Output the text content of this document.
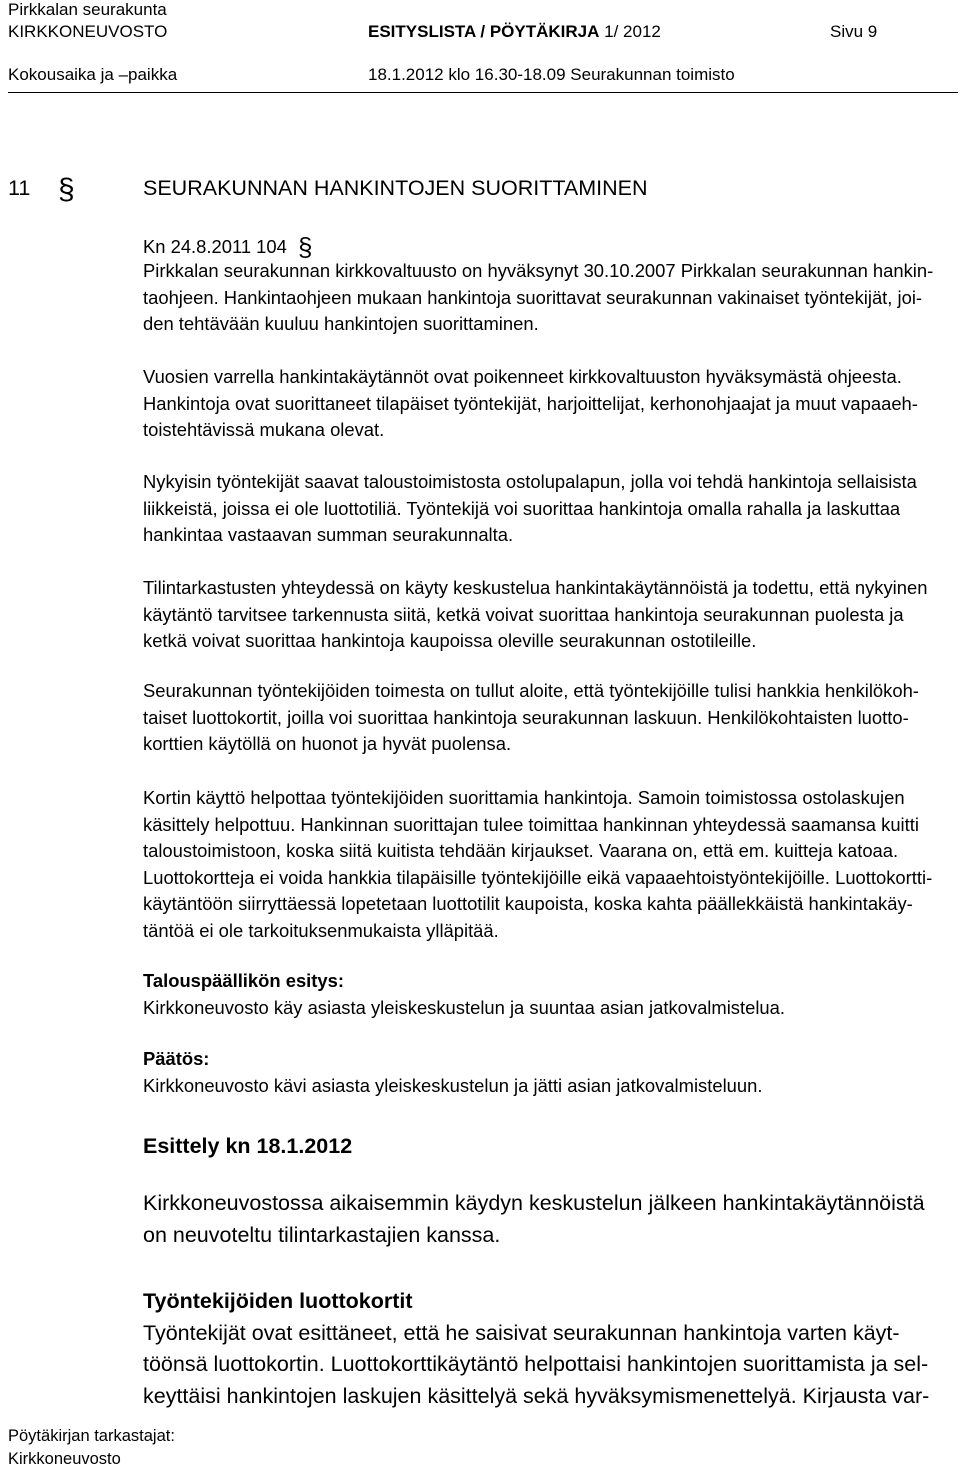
Pirkkalan seurakunta
KIRKKONEUVOSTO	ESITYSLISTA / PÖYTÄKIRJA 1/ 2012	Sivu 9
Kokousaika ja –paikka	18.1.2012 klo 16.30-18.09 Seurakunnan toimisto
11 §	SEURAKUNNAN HANKINTOJEN SUORITTAMINEN
Kn 24.8.2011 104 §

Pirkkalan seurakunnan kirkkovaltuusto on hyväksynyt 30.10.2007 Pirkkalan seurakunnan hankin-

taohjeen. Hankintaohjeen mukaan hankintoja suorittavat seurakunnan vakinaiset työntekijät, joi-

den tehtävään kuuluu hankintojen suorittaminen.

Vuosien varrella hankintakäytännöt ovat poikenneet kirkkovaltuuston hyväksymästä ohjeesta.

Hankintoja ovat suorittaneet tilapäiset työntekijät, harjoittelijat, kerhonohjaajat ja muut vapaaeh-

toistehtävissä mukana olevat.

Nykyisin työntekijät saavat taloustoimistosta ostolupalapun, jolla voi tehdä hankintoja sellaisista

liikkeistä, joissa ei ole luottotiliä. Työntekijä voi suorittaa hankintoja omalla rahalla ja laskuttaa

hankintaa vastaavan summan seurakunnalta.

Tilintarkastusten yhteydessä on käyty keskustelua hankintakäytännöistä ja todettu, että nykyinen

käytäntö tarvitsee tarkennusta siitä, ketkä voivat suorittaa hankintoja seurakunnan puolesta ja

ketkä voivat suorittaa hankintoja kaupoissa oleville seurakunnan ostotileille.

Seurakunnan työntekijöiden toimesta on tullut aloite, että työntekijöille tulisi hankkia henkilökoh-

taiset luottokortit, joilla voi suorittaa hankintoja seurakunnan laskuun. Henkilökohtaisten luotto-

korttien käytöllä on huonot ja hyvät puolensa.

Kortin käyttö helpottaa työntekijöiden suorittamia hankintoja. Samoin toimistossa ostolaskujen

käsittely helpottuu. Hankinnan suorittajan tulee toimittaa hankinnan yhteydessä saamansa kuitti

taloustoimistoon, koska siitä kuitista tehdään kirjaukset. Vaarana on, että em. kuitteja katoaa.

Luottokortteja ei voida hankkia tilapäisille työntekijöille eikä vapaaehtoistyöntekijöille. Luottokortti-

käytäntöön siirryttäessä lopetetaan luottotilit kaupoista, koska kahta päällekkäistä hankintakäy-

täntöä ei ole tarkoituksenmukaista ylläpitää.

Talouspäällikön esitys:

Kirkkoneuvosto käy asiasta yleiskeskustelun ja suuntaa asian jatkovalmistelua.

Päätös:

Kirkkoneuvosto kävi asiasta yleiskeskustelun ja jätti asian jatkovalmisteluun.

Esittely kn 18.1.2012

Kirkkoneuvostossa aikaisemmin käydyn keskustelun jälkeen hankintakäytännöistä

on neuvoteltu tilintarkastajien kanssa.

Työntekijöiden luottokortit

Työntekijät ovat esittäneet, että he saisivat seurakunnan hankintoja varten käyt-

töönsä luottokortin. Luottokorttikäytäntö helpottaisi hankintojen suorittamista ja sel-

keyttäisi hankintojen laskujen käsittelyä sekä hyväksymismenettelyä. Kirjausta var-

Pöytäkirjan tarkastajat:
Kirkkoneuvosto
